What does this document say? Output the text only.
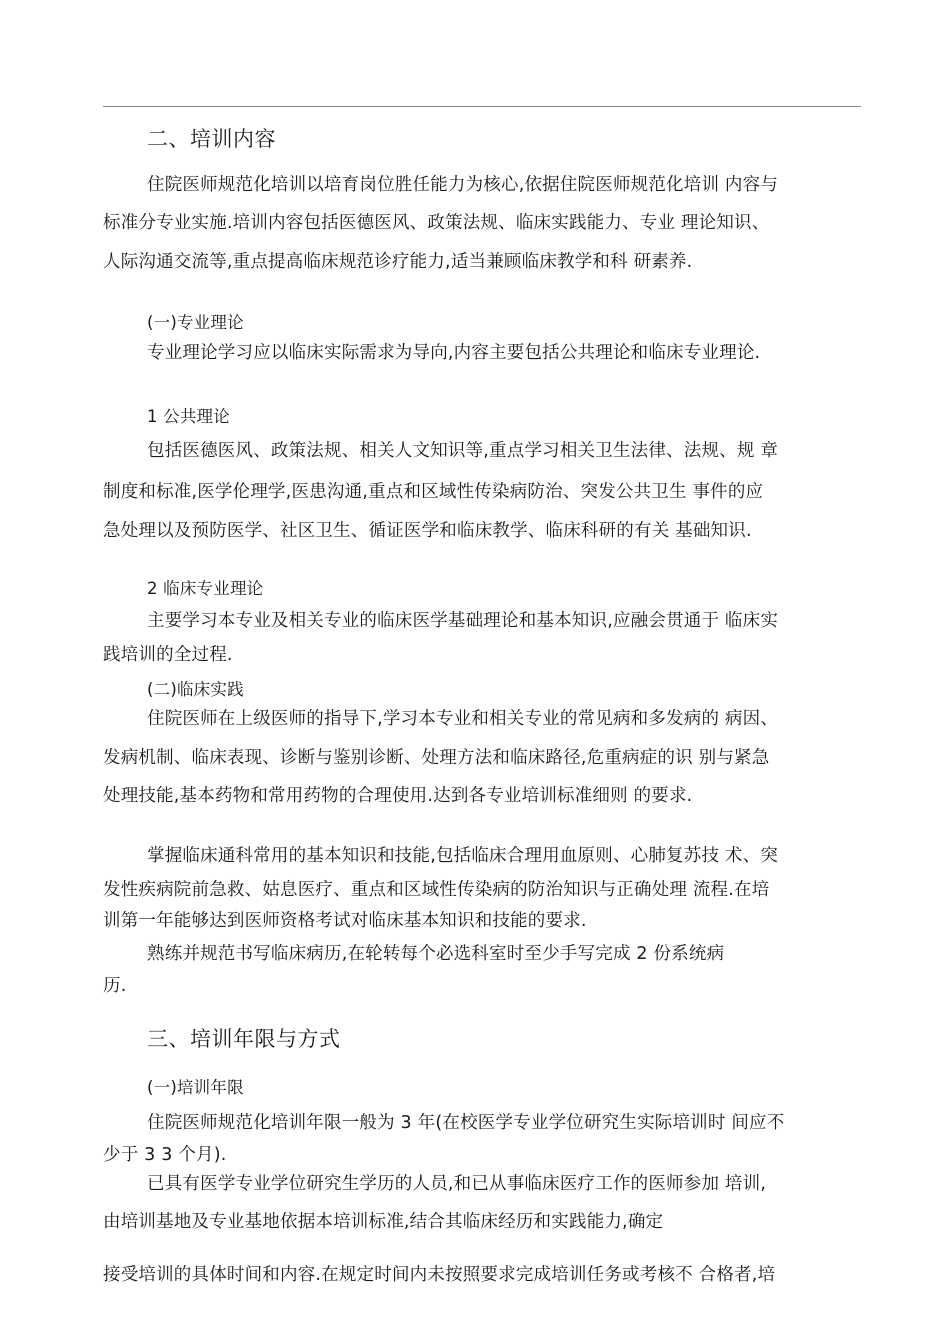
二、培训内容
住院医师规范化培训以培育岗位胜任能力为核心,依据住院医师规范化培训 内容与
标准分专业实施.培训内容包括医德医风、政策法规、临床实践能力、专业 理论知识、
人际沟通交流等,重点提高临床规范诊疗能力,适当兼顾临床教学和科 研素养.
(一)专业理论
专业理论学习应以临床实际需求为导向,内容主要包括公共理论和临床专业理论.
1 公共理论
包括医德医风、政策法规、相关人文知识等,重点学习相关卫生法律、法规、规 章
制度和标准,医学伦理学,医患沟通,重点和区域性传染病防治、突发公共卫生 事件的应
急处理以及预防医学、社区卫生、循证医学和临床教学、临床科研的有关 基础知识.
2 临床专业理论
主要学习本专业及相关专业的临床医学基础理论和基本知识,应融会贯通于 临床实
践培训的全过程.
(二)临床实践
住院医师在上级医师的指导下,学习本专业和相关专业的常见病和多发病的 病因、
发病机制、临床表现、诊断与鉴别诊断、处理方法和临床路径,危重病症的识 别与紧急
处理技能,基本药物和常用药物的合理使用.达到各专业培训标准细则 的要求.
掌握临床通科常用的基本知识和技能,包括临床合理用血原则、心肺复苏技 术、突
发性疾病院前急救、姑息医疗、重点和区域性传染病的防治知识与正确处理 流程.在培
训第一年能够达到医师资格考试对临床基本知识和技能的要求.
熟练并规范书写临床病历,在轮转每个必选科室时至少手写完成 2 份系统病
历.
三、培训年限与方式
(一)培训年限
住院医师规范化培训年限一般为 3 年(在校医学专业学位研究生实际培训时 间应不
少于 3 3 个月).
已具有医学专业学位研究生学历的人员,和已从事临床医疗工作的医师参加 培训,
由培训基地及专业基地依据本培训标准,结合其临床经历和实践能力,确定
接受培训的具体时间和内容.在规定时间内未按照要求完成培训任务或考核不 合格者,培
